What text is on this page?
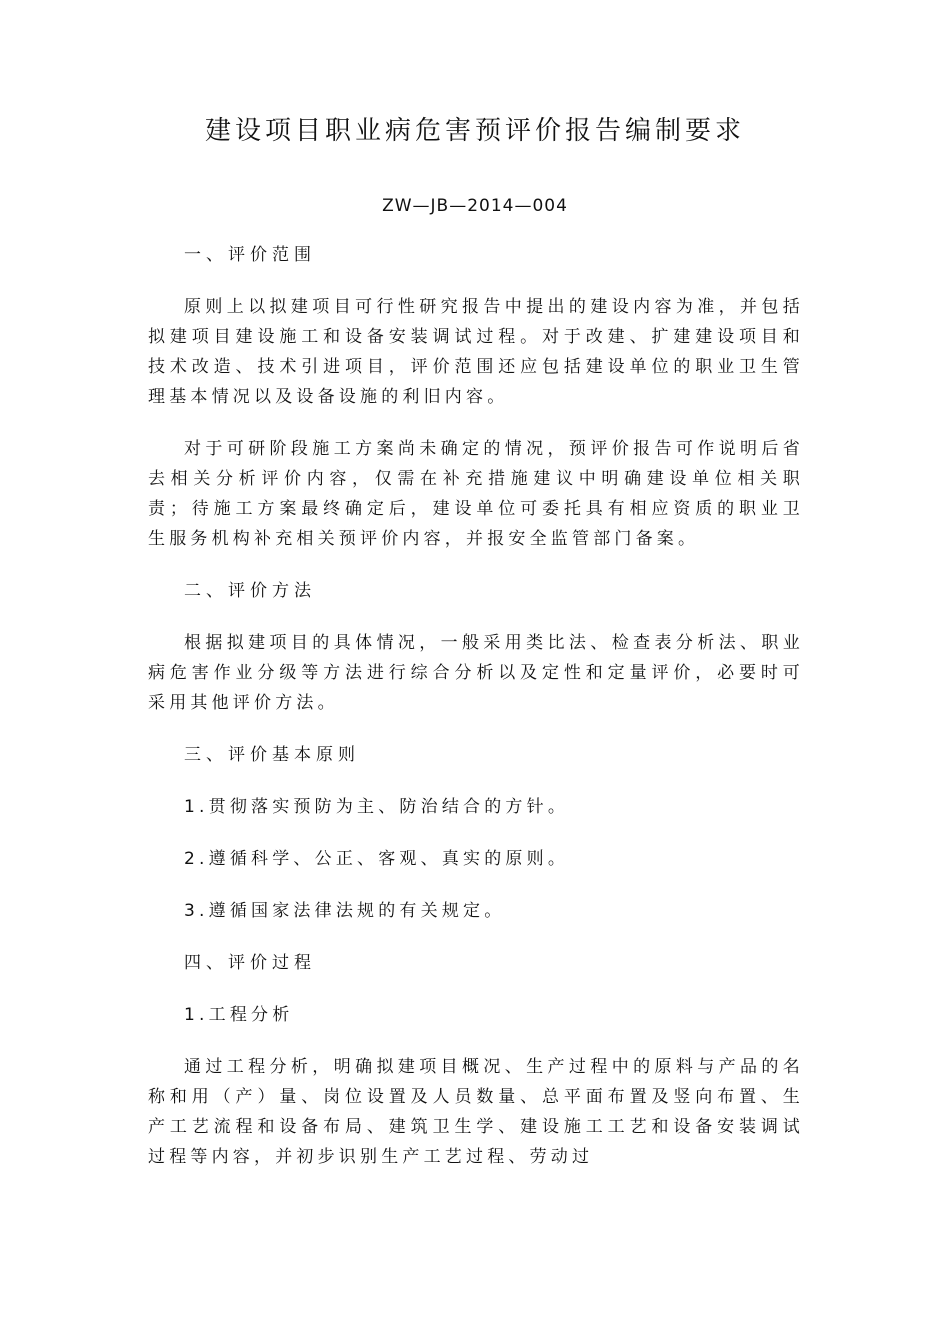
建设项目职业病危害预评价报告编制要求

ZW—JB—2014—004

一、评价范围

原则上以拟建项目可行性研究报告中提出的建设内容为准，并包括拟建项目建设施工和设备安装调试过程。对于改建、扩建建设项目和技术改造、技术引进项目，评价范围还应包括建设单位的职业卫生管理基本情况以及设备设施的利旧内容。

对于可研阶段施工方案尚未确定的情况，预评价报告可作说明后省去相关分析评价内容，仅需在补充措施建议中明确建设单位相关职责；待施工方案最终确定后，建设单位可委托具有相应资质的职业卫生服务机构补充相关预评价内容，并报安全监管部门备案。

二、评价方法

根据拟建项目的具体情况，一般采用类比法、检查表分析法、职业病危害作业分级等方法进行综合分析以及定性和定量评价，必要时可采用其他评价方法。

三、评价基本原则

1.贯彻落实预防为主、防治结合的方针。

2.遵循科学、公正、客观、真实的原则。

3.遵循国家法律法规的有关规定。

四、评价过程

1.工程分析

通过工程分析，明确拟建项目概况、生产过程中的原料与产品的名称和用（产）量、岗位设置及人员数量、总平面布置及竖向布置、生产工艺流程和设备布局、建筑卫生学、建设施工工艺和设备安装调试过程等内容，并初步识别生产工艺过程、劳动过
